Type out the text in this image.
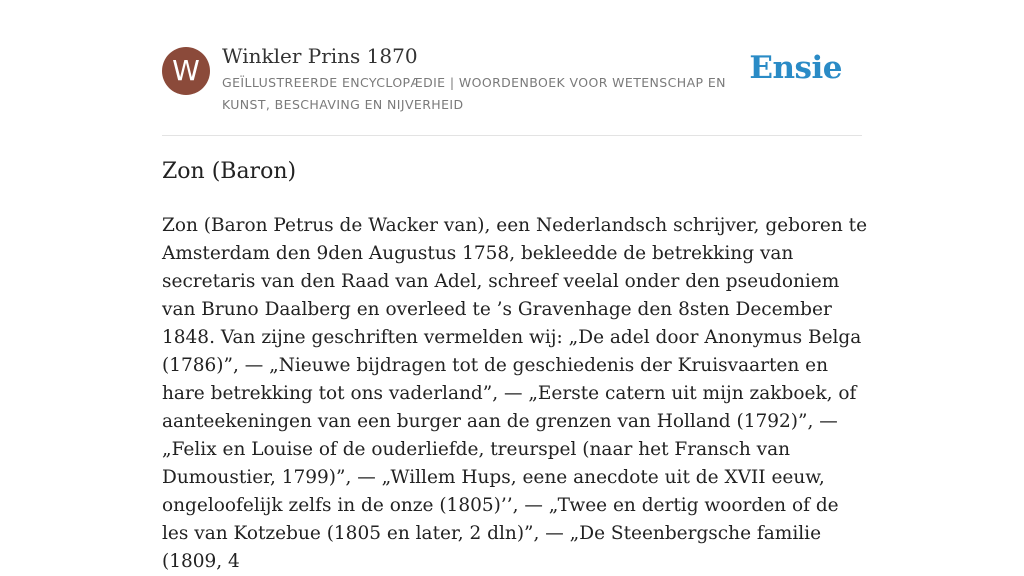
W	Winkler Prins 1870
GEÏLLUSTREERDE ENCYCLOPÆDIE | WOORDENBOEK VOOR WETENSCHAP EN KUNST, BESCHAVING EN NIJVERHEID
Ensie
Zon (Baron)

Zon (Baron Petrus de Wacker van), een Nederlandsch schrijver, geboren te Amsterdam den 9den Augustus 1758, bekleedde de betrekking van secretaris van den Raad van Adel, schreef veelal onder den pseudoniem van Bruno Daalberg en overleed te ’s Gravenhage den 8sten December 1848. Van zijne geschriften vermelden wij: „De adel door Anonymus Belga (1786)”, — „Nieuwe bijdragen tot de geschiedenis der Kruisvaarten en hare betrekking tot ons vaderland”, — „Eerste catern uit mijn zakboek, of aanteekeningen van een burger aan de grenzen van Holland (1792)”, — „Felix en Louise of de ouderliefde, treurspel (naar het Fransch van Dumoustier, 1799)”, — „Willem Hups, eene anecdote uit de XVII eeuw, ongeloofelijk zelfs in de onze (1805)’’, — „Twee en dertig woorden of de les van Kotzebue (1805 en later, 2 dln)”, — „De Steenbergsche familie (1809, 4
